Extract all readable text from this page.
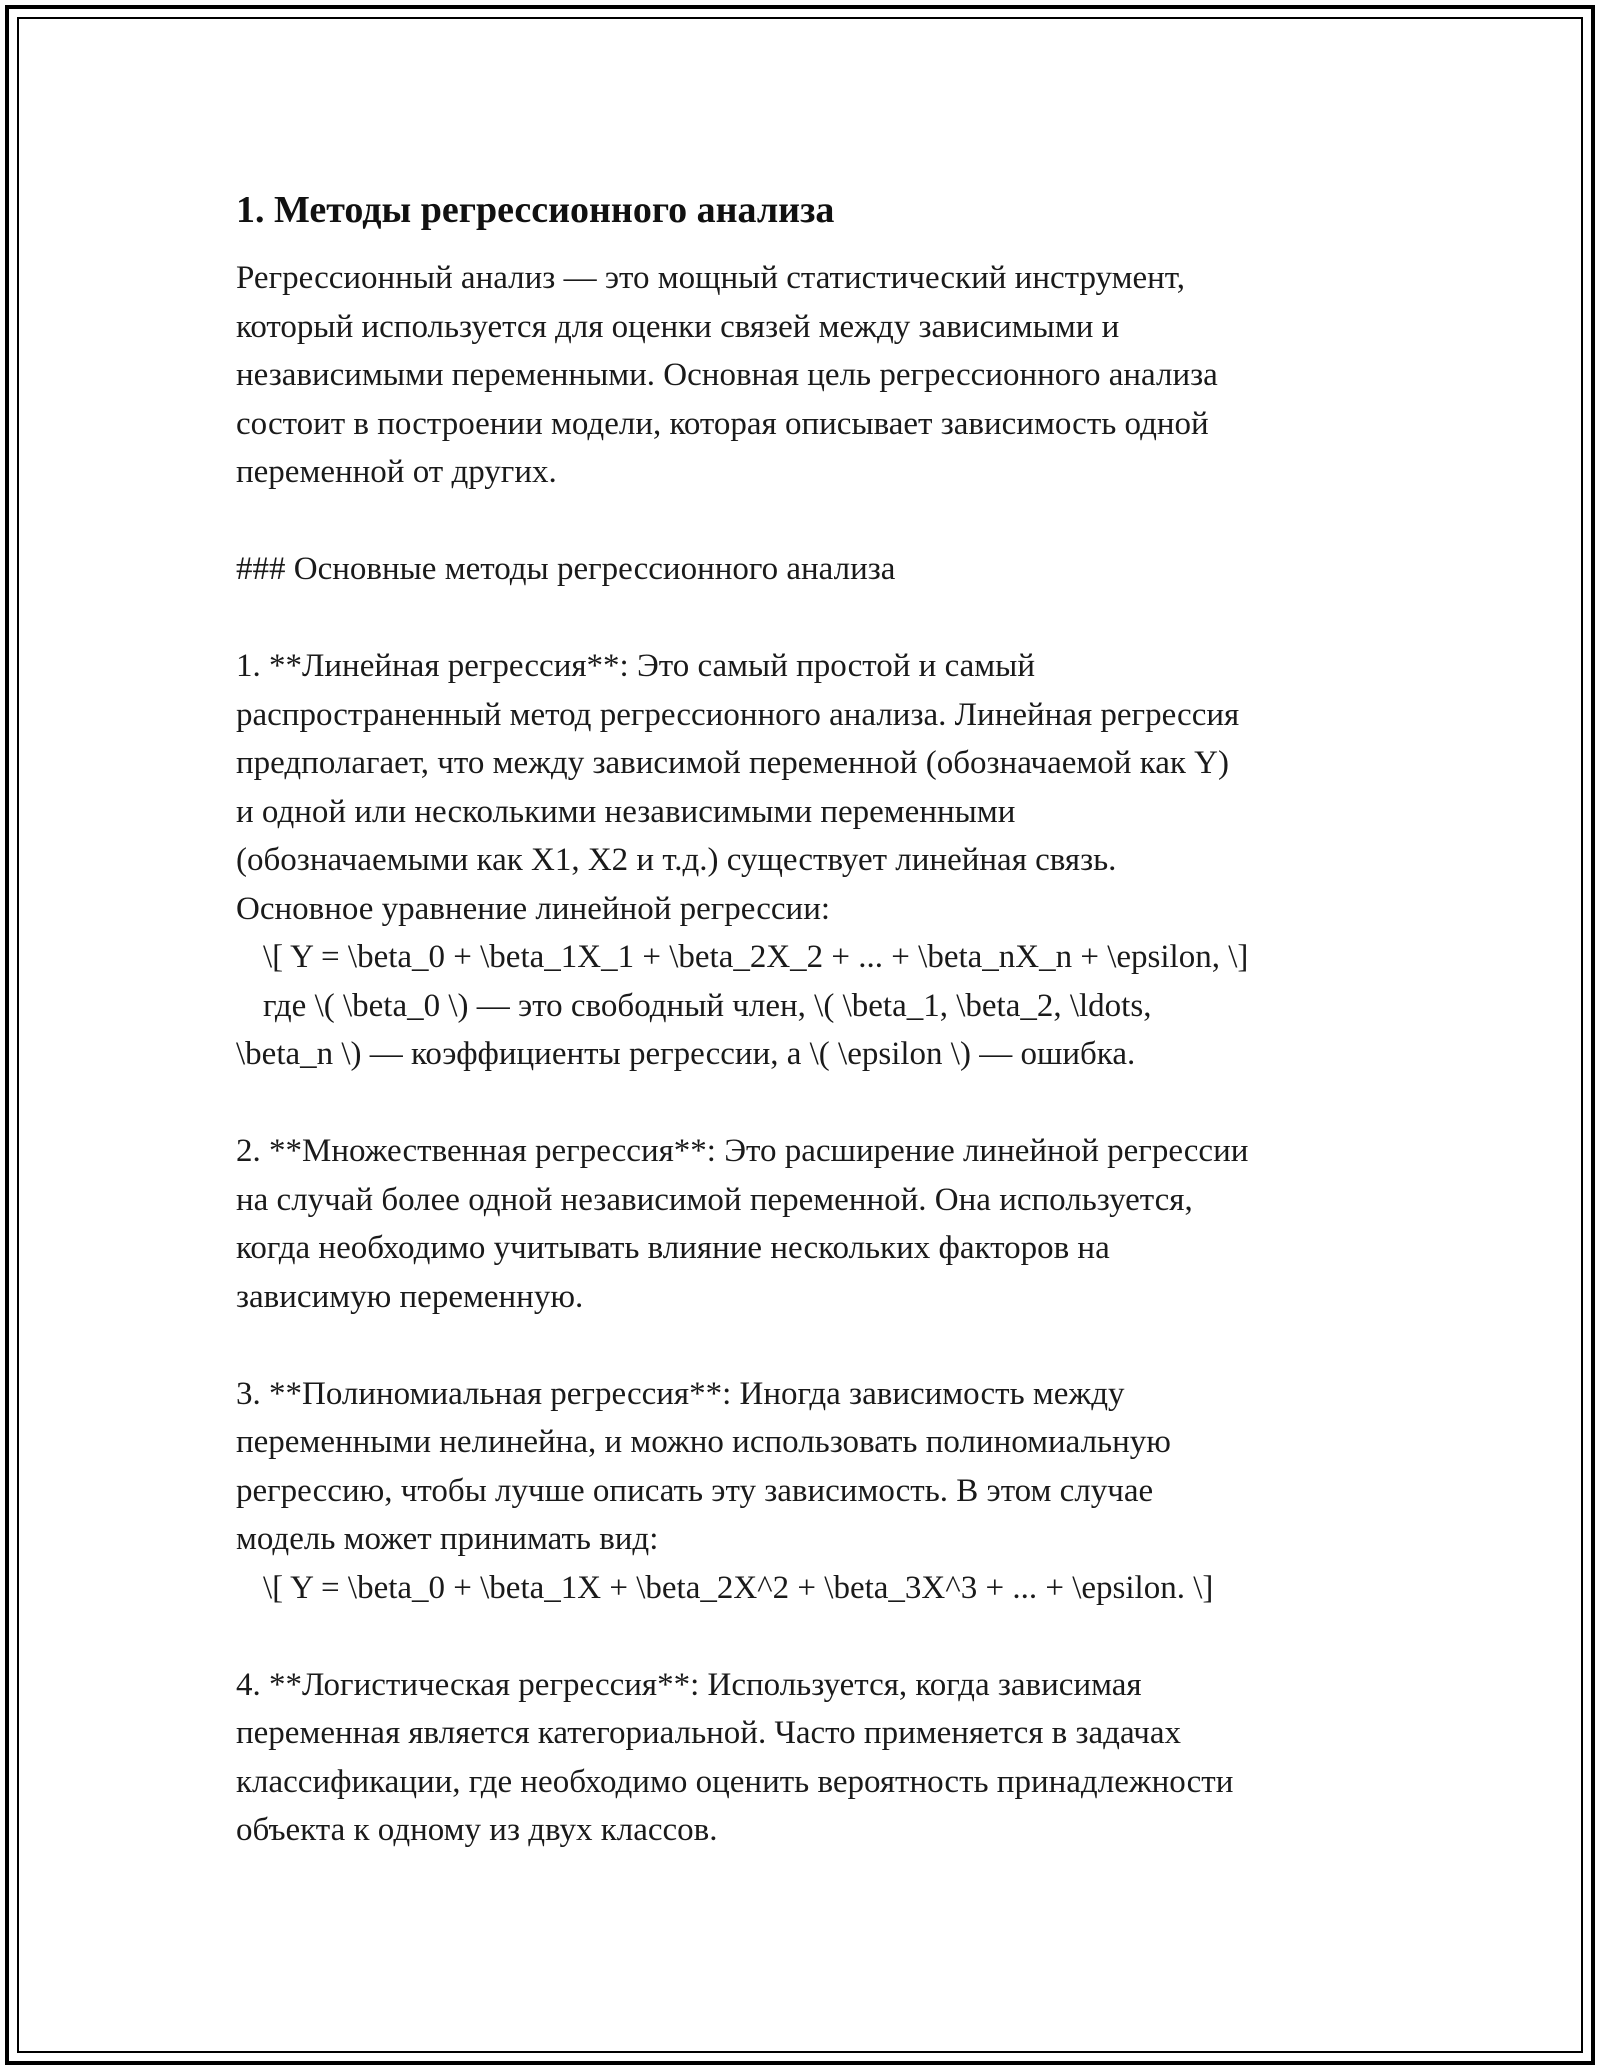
1. Методы регрессионного анализа

Регрессионный анализ — это мощный статистический инструмент,
который используется для оценки связей между зависимыми и
независимыми переменными. Основная цель регрессионного анализа
состоит в построении модели, которая описывает зависимость одной
переменной от других.

### Основные методы регрессионного анализа

1. **Линейная регрессия**: Это самый простой и самый
распространенный метод регрессионного анализа. Линейная регрессия
предполагает, что между зависимой переменной (обозначаемой как Y)
и одной или несколькими независимыми переменными
(обозначаемыми как X1, X2 и т.д.) существует линейная связь.
Основное уравнение линейной регрессии:

\[ Y = \beta_0 + \beta_1X_1 + \beta_2X_2 + ... + \beta_nX_n + \epsilon, \]

где \( \beta_0 \) — это свободный член, \( \beta_1, \beta_2, \ldots,

\beta_n \) — коэффициенты регрессии, а \( \epsilon \) — ошибка.

2. **Множественная регрессия**: Это расширение линейной регрессии
на случай более одной независимой переменной. Она используется,
когда необходимо учитывать влияние нескольких факторов на
зависимую переменную.

3. **Полиномиальная регрессия**: Иногда зависимость между
переменными нелинейна, и можно использовать полиномиальную
регрессию, чтобы лучше описать эту зависимость. В этом случае
модель может принимать вид:

\[ Y = \beta_0 + \beta_1X + \beta_2X^2 + \beta_3X^3 + ... + \epsilon. \]

4. **Логистическая регрессия**: Используется, когда зависимая
переменная является категориальной. Часто применяется в задачах
классификации, где необходимо оценить вероятность принадлежности
объекта к одному из двух классов.
